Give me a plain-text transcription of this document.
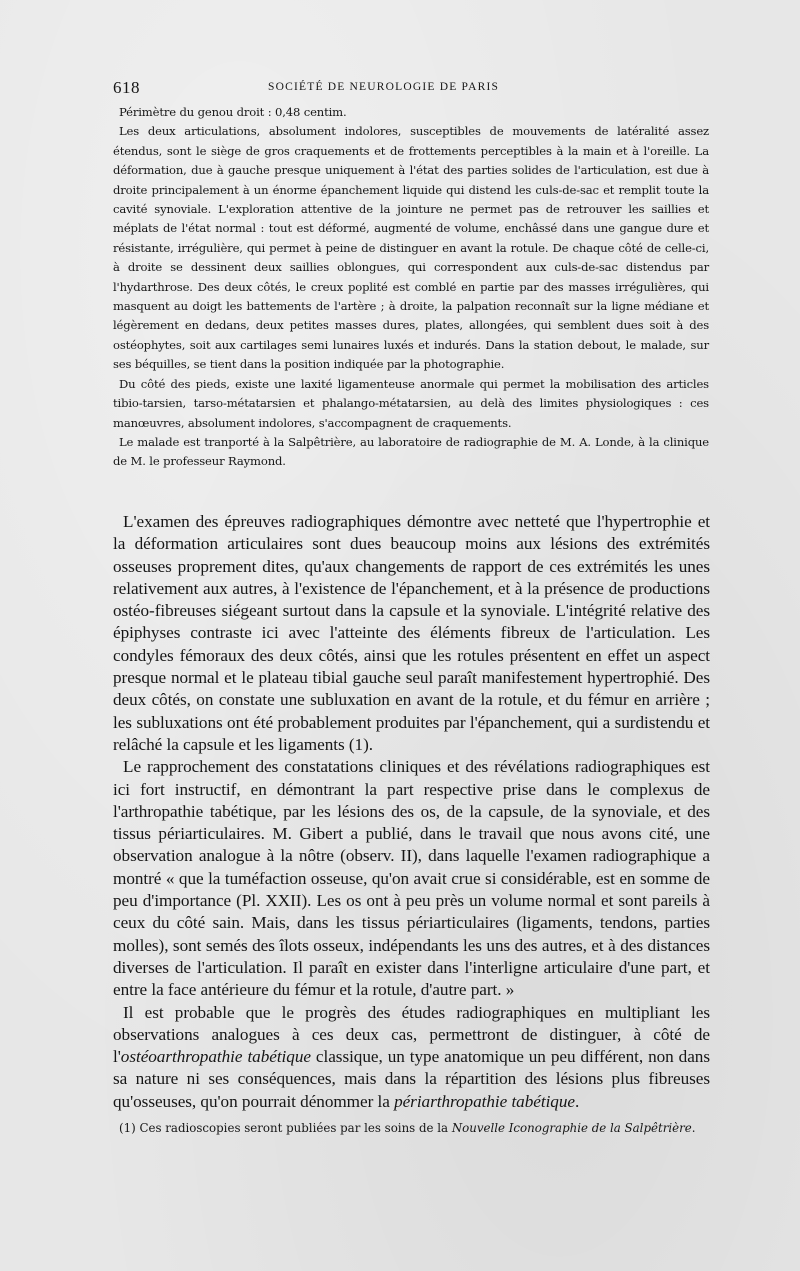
618	SOCIÉTÉ DE NEUROLOGIE DE PARIS

Périmètre du genou droit : 0,48 centim.

Les deux articulations, absolument indolores, susceptibles de mouvements de latéralité assez étendus, sont le siège de gros craquements et de frottements perceptibles à la main et à l'oreille. La déformation, due à gauche presque uniquement à l'état des parties solides de l'articulation, est due à droite principalement à un énorme épanchement liquide qui distend les culs-de-sac et remplit toute la cavité synoviale. L'exploration attentive de la jointure ne permet pas de retrouver les saillies et méplats de l'état normal : tout est déformé, augmenté de volume, enchâssé dans une gangue dure et résistante, irrégulière, qui permet à peine de distinguer en avant la rotule. De chaque côté de celle-ci, à droite se dessinent deux saillies oblongues, qui correspondent aux culs-de-sac distendus par l'hydarthrose. Des deux côtés, le creux poplité est comblé en partie par des masses irrégulières, qui masquent au doigt les battements de l'artère ; à droite, la palpation reconnaît sur la ligne médiane et légèrement en dedans, deux petites masses dures, plates, allongées, qui semblent dues soit à des ostéophytes, soit aux cartilages semi lunaires luxés et indurés. Dans la station debout, le malade, sur ses béquilles, se tient dans la position indiquée par la photographie.

Du côté des pieds, existe une laxité ligamenteuse anormale qui permet la mobilisation des articles tibio-tarsien, tarso-métatarsien et phalango-métatarsien, au delà des limites physiologiques : ces manœuvres, absolument indolores, s'accompagnent de craquements.

Le malade est tranporté à la Salpêtrière, au laboratoire de radiographie de M. A. Londe, à la clinique de M. le professeur Raymond.

L'examen des épreuves radiographiques démontre avec netteté que l'hypertrophie et la déformation articulaires sont dues beaucoup moins aux lésions des extrémités osseuses proprement dites, qu'aux changements de rapport de ces extrémités les unes relativement aux autres, à l'existence de l'épanchement, et à la présence de productions ostéo-fibreuses siégeant surtout dans la capsule et la synoviale. L'intégrité relative des épiphyses contraste ici avec l'atteinte des éléments fibreux de l'articulation. Les condyles fémoraux des deux côtés, ainsi que les rotules présentent en effet un aspect presque normal et le plateau tibial gauche seul paraît manifestement hypertrophié. Des deux côtés, on constate une subluxation en avant de la rotule, et du fémur en arrière ; les subluxations ont été probablement produites par l'épanchement, qui a surdistendu et relâché la capsule et les ligaments (1).

Le rapprochement des constatations cliniques et des révélations radiographiques est ici fort instructif, en démontrant la part respective prise dans le complexus de l'arthropathie tabétique, par les lésions des os, de la capsule, de la synoviale, et des tissus périarticulaires. M. Gibert a publié, dans le travail que nous avons cité, une observation analogue à la nôtre (observ. II), dans laquelle l'examen radiographique a montré « que la tuméfaction osseuse, qu'on avait crue si considérable, est en somme de peu d'importance (Pl. XXII). Les os ont à peu près un volume normal et sont pareils à ceux du côté sain. Mais, dans les tissus périarticulaires (ligaments, tendons, parties molles), sont semés des îlots osseux, indépendants les uns des autres, et à des distances diverses de l'articulation. Il paraît en exister dans l'interligne articulaire d'une part, et entre la face antérieure du fémur et la rotule, d'autre part. »

Il est probable que le progrès des études radiographiques en multipliant les observations analogues à ces deux cas, permettront de distinguer, à côté de l'ostéoarthropathie tabétique classique, un type anatomique un peu différent, non dans sa nature ni ses conséquences, mais dans la répartition des lésions plus fibreuses qu'osseuses, qu'on pourrait dénommer la périarthropathie tabétique.

(1) Ces radioscopies seront publiées par les soins de la Nouvelle Iconographie de la Salpêtrière.
